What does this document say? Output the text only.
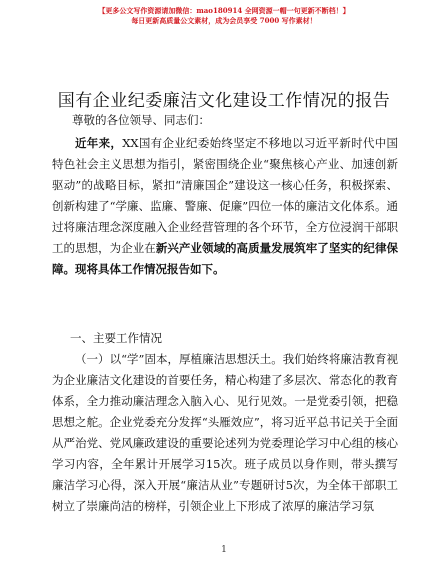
【更多公文写作资源请加微信：mao180914 全网资源一帽一句更新不断档！】
每日更新高质量公文素材，成为会员享受 7000 写作素材！
国有企业纪委廉洁文化建设工作情况的报告
尊敬的各位领导、同志们：
近年来，XX国有企业纪委始终坚定不移地以习近平新时代中国特色社会主义思想为指引，紧密围绕企业“聚焦核心产业、加速创新驱动”的战略目标，紧扣“清廉国企”建设这一核心任务，积极探索、创新构建了“学廉、监廉、警廉、促廉”四位一体的廉洁文化体系。通过将廉洁理念深度融入企业经营管理的各个环节，全方位浸润干部职工的思想，为企业在新兴产业领域的高质量发展筑牢了坚实的纪律保障。现将具体工作情况报告如下。
一、主要工作情况
（一）以“学”固本，厚植廉洁思想沃土。我们始终将廉洁教育视为企业廉洁文化建设的首要任务，精心构建了多层次、常态化的教育体系，全力推动廉洁理念入脑入心、见行见效。一是党委引领，把稳思想之舵。企业党委充分发挥“头雁效应”，将习近平总书记关于全面从严治党、党风廉政建设的重要论述列为党委理论学习中心组的核心学习内容，全年累计开展学习15次。班子成员以身作则，带头撰写廉洁学习心得，深入开展“廉洁从业”专题研讨5次，为全体干部职工树立了崇廉尚洁的榜样，引领企业上下形成了浓厚的廉洁学习氛
1
